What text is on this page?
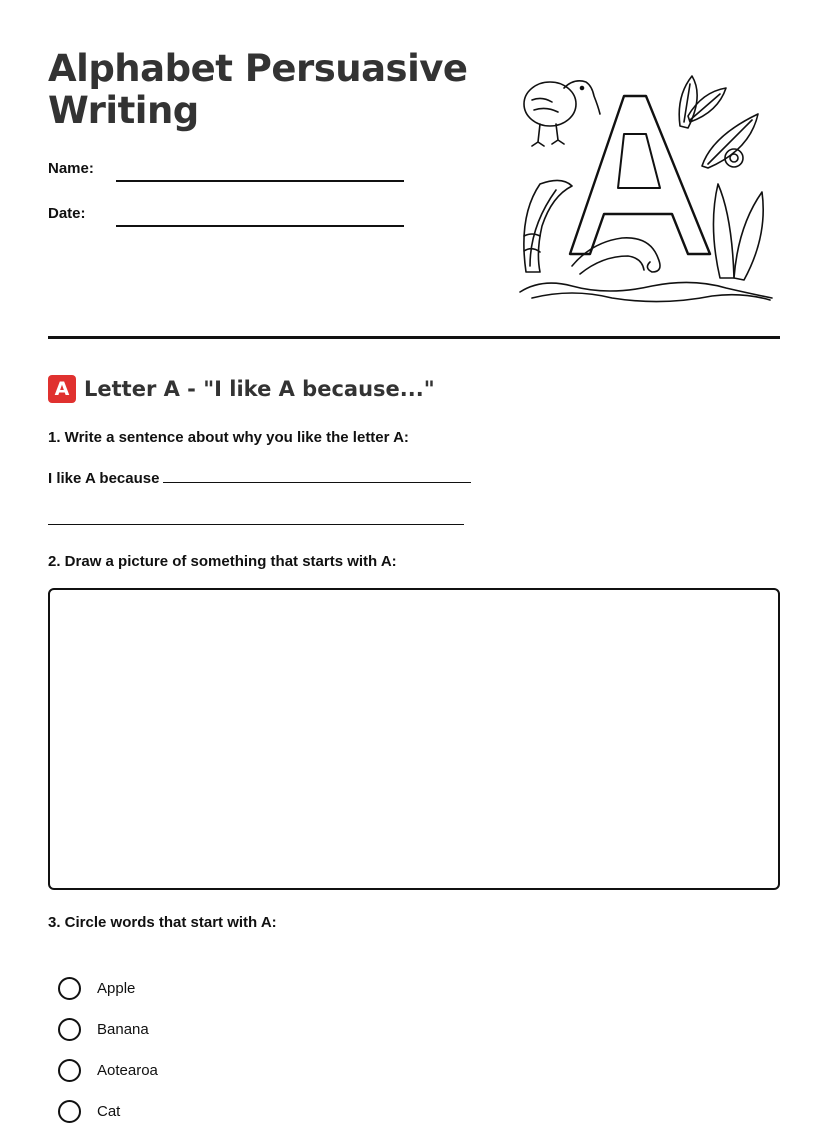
Alphabet Persuasive Writing
Name:
Date:
A Letter A - "I like A because..."
1. Write a sentence about why you like the letter A:
I like A because
2. Draw a picture of something that starts with A:
3. Circle words that start with A:
Apple
Banana
Aotearoa
Cat
